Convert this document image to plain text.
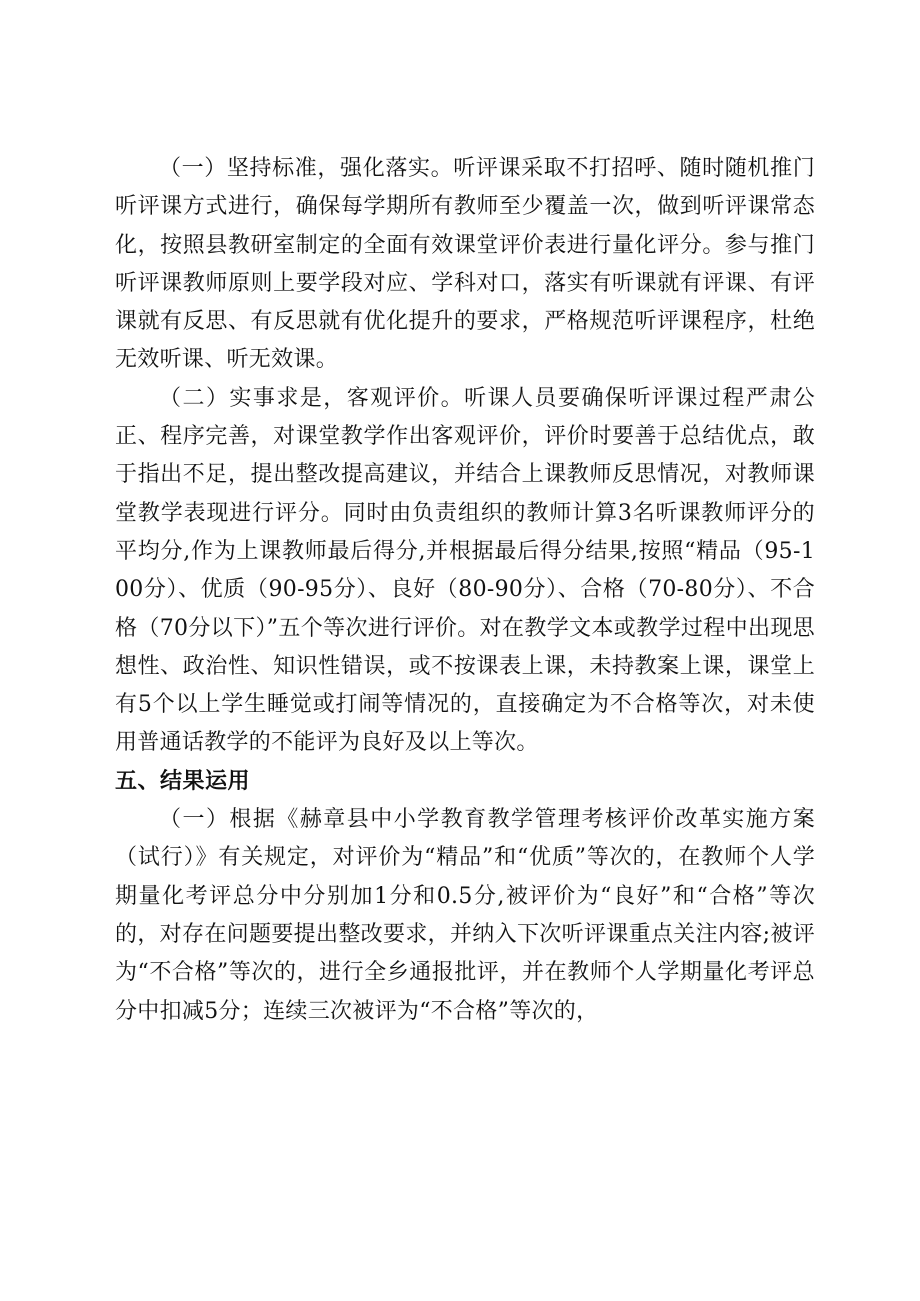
（一）坚持标准，强化落实。听评课采取不打招呼、随时随机推门听评课方式进行，确保每学期所有教师至少覆盖一次，做到听评课常态化，按照县教研室制定的全面有效课堂评价表进行量化评分。参与推门听评课教师原则上要学段对应、学科对口，落实有听课就有评课、有评课就有反思、有反思就有优化提升的要求，严格规范听评课程序，杜绝无效听课、听无效课。

（二）实事求是，客观评价。听课人员要确保听评课过程严肃公正、程序完善，对课堂教学作出客观评价，评价时要善于总结优点，敢于指出不足，提出整改提高建议，并结合上课教师反思情况，对教师课堂教学表现进行评分。同时由负责组织的教师计算3名听课教师评分的平均分,作为上课教师最后得分,并根据最后得分结果,按照“精品（95-100分）、优质（90-95分）、良好（80-90分）、合格（70-80分）、不合格（70分以下）”五个等次进行评价。对在教学文本或教学过程中出现思想性、政治性、知识性错误，或不按课表上课，未持教案上课，课堂上有5个以上学生睡觉或打闹等情况的，直接确定为不合格等次，对未使用普通话教学的不能评为良好及以上等次。

五、结果运用

（一）根据《赫章县中小学教育教学管理考核评价改革实施方案（试行）》有关规定，对评价为“精品”和“优质”等次的，在教师个人学期量化考评总分中分别加1分和0.5分,被评价为“良好”和“合格”等次的，对存在问题要提出整改要求，并纳入下次听评课重点关注内容;被评为“不合格”等次的，进行全乡通报批评，并在教师个人学期量化考评总分中扣减5分；连续三次被评为“不合格”等次的，
